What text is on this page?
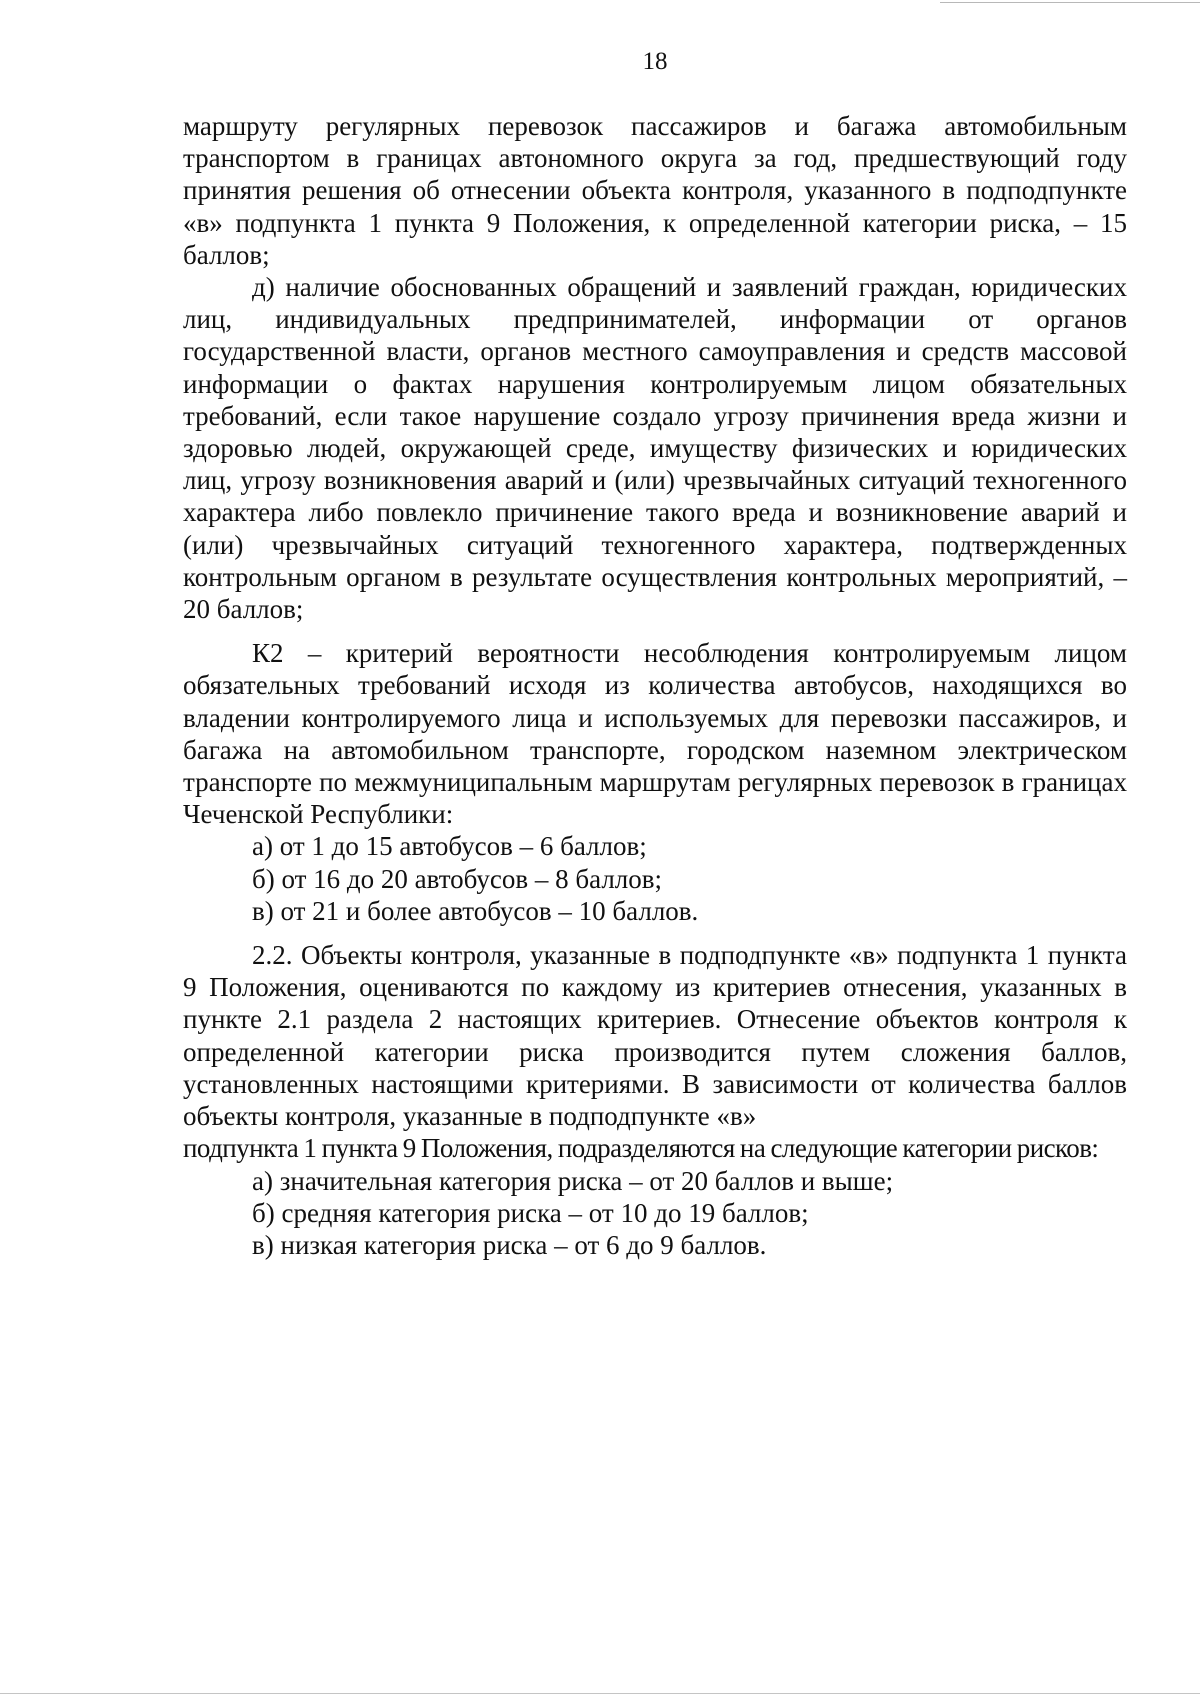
18

маршруту регулярных перевозок пассажиров и багажа автомобильным транспортом в границах автономного округа за год, предшествующий году принятия решения об отнесении объекта контроля, указанного в подподпункте «в» подпункта 1 пункта 9 Положения, к определенной категории риска, – 15 баллов;

д) наличие обоснованных обращений и заявлений граждан, юридических лиц, индивидуальных предпринимателей, информации от органов государственной власти, органов местного самоуправления и средств массовой информации о фактах нарушения контролируемым лицом обязательных требований, если такое нарушение создало угрозу причинения вреда жизни и здоровью людей, окружающей среде, имуществу физических и юридических лиц, угрозу возникновения аварий и (или) чрезвычайных ситуаций техногенного характера либо повлекло причинение такого вреда и возникновение аварий и (или) чрезвычайных ситуаций техногенного характера, подтвержденных контрольным органом в результате осуществления контрольных мероприятий, – 20 баллов;

К2 – критерий вероятности несоблюдения контролируемым лицом обязательных требований исходя из количества автобусов, находящихся во владении контролируемого лица и используемых для перевозки пассажиров, и багажа на автомобильном транспорте, городском наземном электрическом транспорте по межмуниципальным маршрутам регулярных перевозок в границах Чеченской Республики:

а) от 1 до 15 автобусов – 6 баллов;

б) от 16 до 20 автобусов – 8 баллов;

в) от 21 и более автобусов – 10 баллов.

2.2. Объекты контроля, указанные в подподпункте «в» подпункта 1 пункта 9 Положения, оцениваются по каждому из критериев отнесения, указанных в пункте 2.1 раздела 2 настоящих критериев. Отнесение объектов контроля к определенной категории риска производится путем сложения баллов, установленных настоящими критериями. В зависимости от количества баллов объекты контроля, указанные в подподпункте «в»

подпункта 1 пункта 9 Положения, подразделяются на следующие категории рисков:

а) значительная категория риска – от 20 баллов и выше;

б) средняя категория риска – от 10 до 19 баллов;

в) низкая категория риска – от 6 до 9 баллов.
